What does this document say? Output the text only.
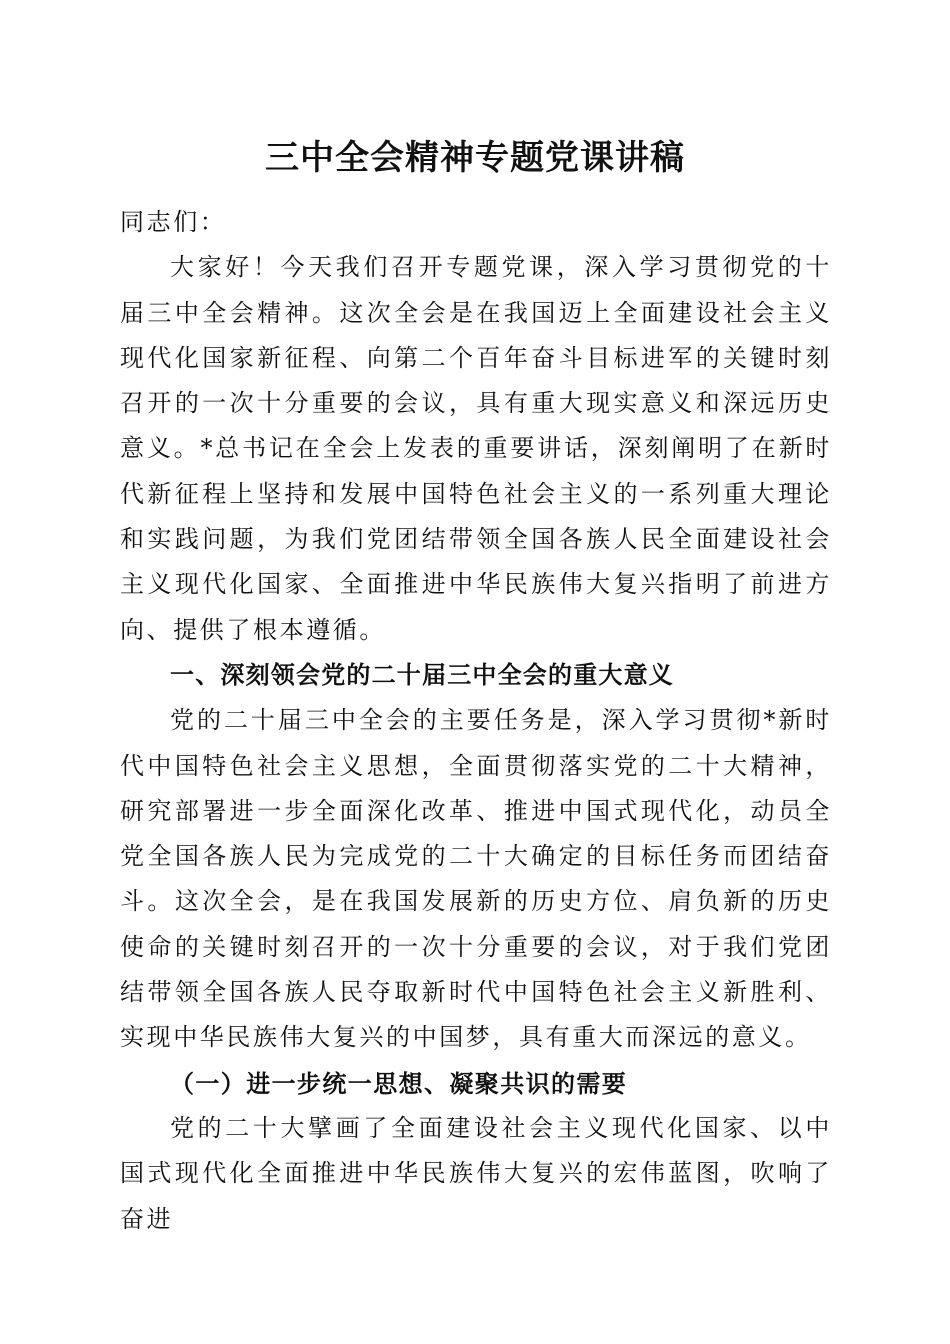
三中全会精神专题党课讲稿

同志们：

大家好！今天我们召开专题党课，深入学习贯彻党的十届三中全会精神。这次全会是在我国迈上全面建设社会主义现代化国家新征程、向第二个百年奋斗目标进军的关键时刻召开的一次十分重要的会议，具有重大现实意义和深远历史意义。*总书记在全会上发表的重要讲话，深刻阐明了在新时代新征程上坚持和发展中国特色社会主义的一系列重大理论和实践问题，为我们党团结带领全国各族人民全面建设社会主义现代化国家、全面推进中华民族伟大复兴指明了前进方向、提供了根本遵循。

一、深刻领会党的二十届三中全会的重大意义

党的二十届三中全会的主要任务是，深入学习贯彻*新时代中国特色社会主义思想，全面贯彻落实党的二十大精神，研究部署进一步全面深化改革、推进中国式现代化，动员全党全国各族人民为完成党的二十大确定的目标任务而团结奋斗。这次全会，是在我国发展新的历史方位、肩负新的历史使命的关键时刻召开的一次十分重要的会议，对于我们党团结带领全国各族人民夺取新时代中国特色社会主义新胜利、实现中华民族伟大复兴的中国梦，具有重大而深远的意义。

（一）进一步统一思想、凝聚共识的需要

党的二十大擘画了全面建设社会主义现代化国家、以中国式现代化全面推进中华民族伟大复兴的宏伟蓝图，吹响了奋进
